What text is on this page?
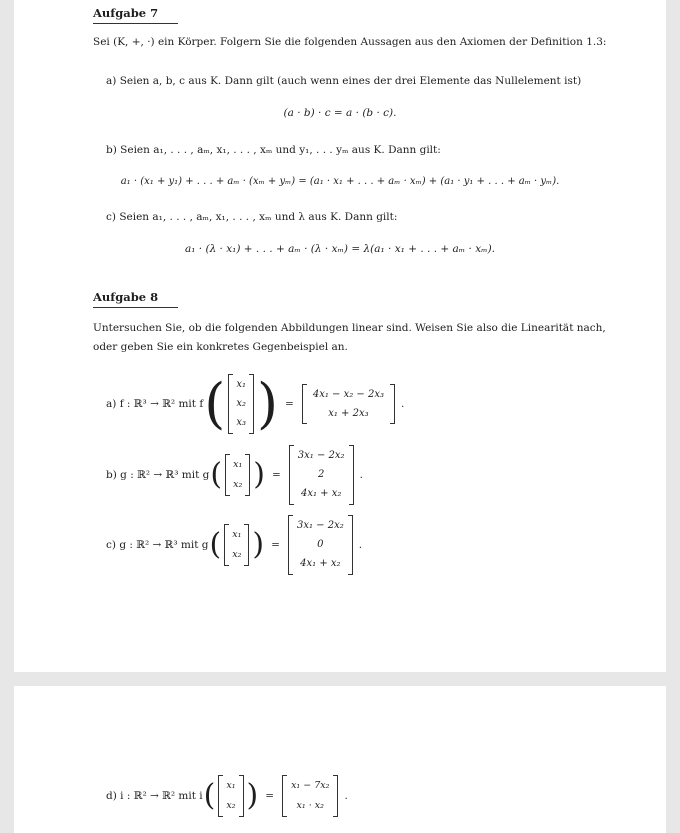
Aufgabe 7
Sei (K, +, ·) ein Körper. Folgern Sie die folgenden Aussagen aus den Axiomen der Definition 1.3:
a) Seien a, b, c aus K. Dann gilt (auch wenn eines der drei Elemente das Nullelement ist)
(a · b) · c = a · (b · c).
b) Seien a₁, . . . , aₘ, x₁, . . . , xₘ und y₁, . . . yₘ aus K. Dann gilt:
a₁ · (x₁ + y₁) + . . . + aₘ · (xₘ + yₘ) = (a₁ · x₁ + . . . + aₘ · xₘ) + (a₁ · y₁ + . . . + aₘ · yₘ).
c) Seien a₁, . . . , aₘ, x₁, . . . , xₘ und λ aus K. Dann gilt:
a₁ · (λ · x₁) + . . . + aₘ · (λ · xₘ) = λ(a₁ · x₁ + . . . + aₘ · xₘ).
Aufgabe 8
Untersuchen Sie, ob die folgenden Abbildungen linear sind. Weisen Sie also die Linearität nach,
oder geben Sie ein konkretes Gegenbeispiel an.
a) f : ℝ³ → ℝ² mit f ( x₁
x₂
x₃ ) =
4x₁ − x₂ − 2x₃
x₁ + 2x₃
.
b) g : ℝ² → ℝ³ mit g ( x₁
x₂ ) =
3x₁ − 2x₂
2
4x₁ + x₂
.
c) g : ℝ² → ℝ³ mit g ( x₁
x₂ ) =
3x₁ − 2x₂
0
4x₁ + x₂
.
d) i : ℝ² → ℝ² mit i ( x₁
x₂ ) =
x₁ − 7x₂
x₁ · x₂
.
